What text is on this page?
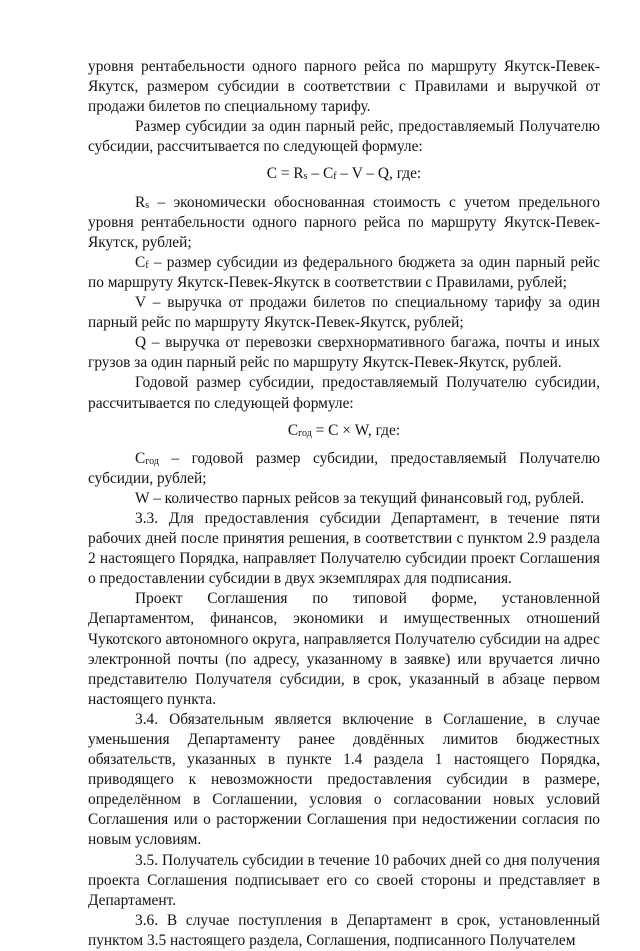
уровня рентабельности одного парного рейса по маршруту Якутск-Певек-Якутск, размером субсидии в соответствии с Правилами и выручкой от продажи билетов по специальному тарифу.

Размер субсидии за один парный рейс, предоставляемый Получателю субсидии, рассчитывается по следующей формуле:

$С = R_s - C_f - V - Q$, где:

$R_s$ – экономически обоснованная стоимость с учетом предельного уровня рентабельности одного парного рейса по маршруту Якутск-Певек-Якутск, рублей;

$C_f$ – размер субсидии из федерального бюджета за один парный рейс по маршруту Якутск-Певек-Якутск в соответствии с Правилами, рублей;

V – выручка от продажи билетов по специальному тарифу за один парный рейс по маршруту Якутск-Певек-Якутск, рублей;

Q – выручка от перевозки сверхнормативного багажа, почты и иных грузов за один парный рейс по маршруту Якутск-Певек-Якутск, рублей.

Годовой размер субсидии, предоставляемый Получателю субсидии, рассчитывается по следующей формуле:

$С_{год} = С \times W$, где:

$С_{год}$ – годовой размер субсидии, предоставляемый Получателю субсидии, рублей;

W – количество парных рейсов за текущий финансовый год, рублей.

3.3. Для предоставления субсидии Департамент, в течение пяти рабочих дней после принятия решения, в соответствии с пунктом 2.9 раздела 2 настоящего Порядка, направляет Получателю субсидии проект Соглашения о предоставлении субсидии в двух экземплярах для подписания.

Проект Соглашения по типовой форме, установленной Департаментом, финансов, экономики и имущественных отношений Чукотского автономного округа, направляется Получателю субсидии на адрес электронной почты (по адресу, указанному в заявке) или вручается лично представителю Получателя субсидии, в срок, указанный в абзаце первом настоящего пункта.

3.4. Обязательным является включение в Соглашение, в случае уменьшения Департаменту ранее довдённых лимитов бюджестных обязательств, указанных в пункте 1.4 раздела 1 настоящего Порядка, приводящего к невозможности предоставления субсидии в размере, определённом в Соглашении, условия о согласовании новых условий Соглашения или о расторжении Соглашения при недостижении согласия по новым условиям.

3.5. Получатель субсидии в течение 10 рабочих дней со дня получения проекта Соглашения подписывает его со своей стороны и представляет в Департамент.

3.6. В случае поступления в Департамент в срок, установленный пунктом 3.5 настоящего раздела, Соглашения, подписанного Получателем
